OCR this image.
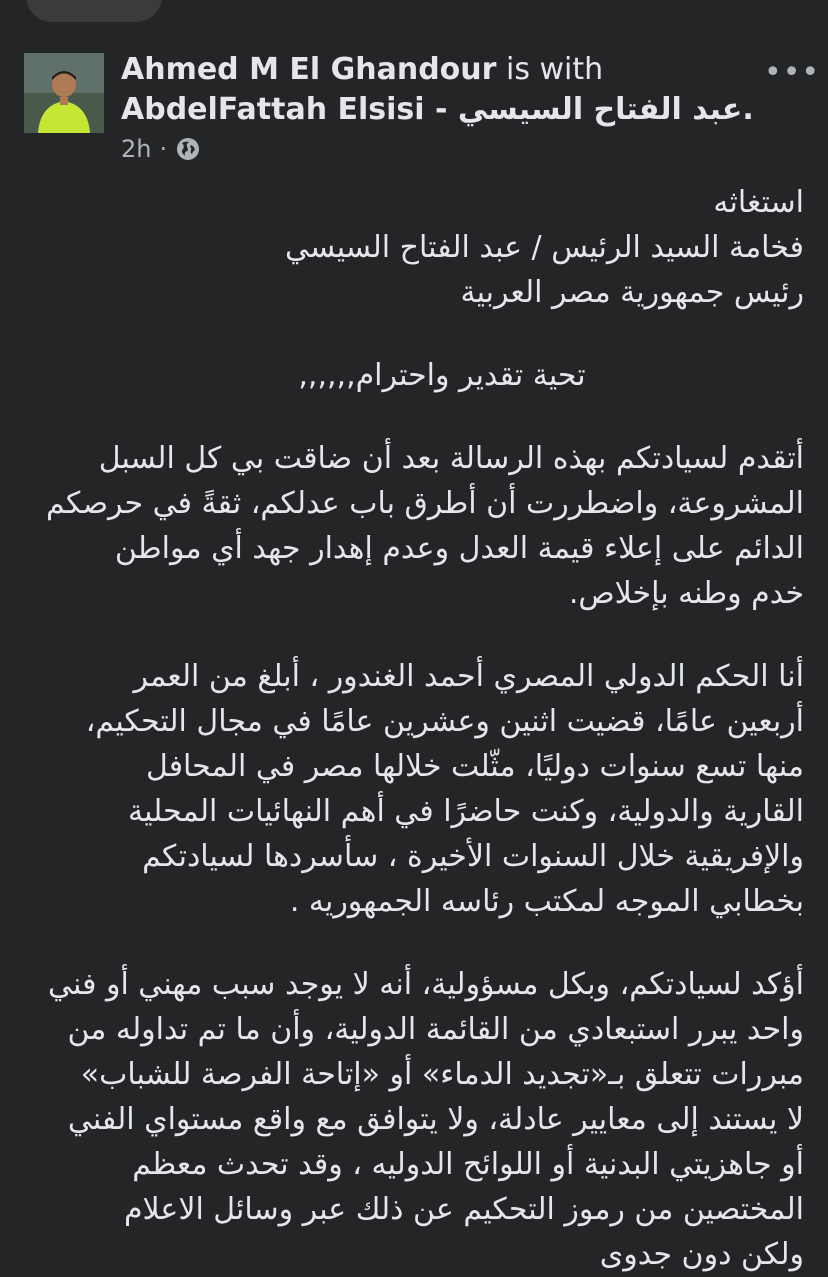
Ahmed M El Ghandour is with
AbdelFattah Elsisi - عبد الفتاح السيسي.
•••
2h ·
استغاثه
فخامة السيد الرئيس / عبد الفتاح السيسي
رئيس جمهورية مصر العربية
تحية تقدير واحترام,,,,,,
أتقدم لسيادتكم بهذه الرسالة بعد أن ضاقت بي كل السبل
المشروعة، واضطررت أن أطرق باب عدلكم، ثقةً في حرصكم
الدائم على إعلاء قيمة العدل وعدم إهدار جهد أي مواطن
خدم وطنه بإخلاص.
أنا الحكم الدولي المصري أحمد الغندور ، أبلغ من العمر
أربعين عامًا، قضيت اثنين وعشرين عامًا في مجال التحكيم،
منها تسع سنوات دوليًا، مثّلت خلالها مصر في المحافل
القارية والدولية، وكنت حاضرًا في أهم النهائيات المحلية
والإفريقية خلال السنوات الأخيرة ، سأسردها لسيادتكم
بخطابي الموجه لمكتب رئاسه الجمهوريه .
أؤكد لسيادتكم، وبكل مسؤولية، أنه لا يوجد سبب مهني أو فني
واحد يبرر استبعادي من القائمة الدولية، وأن ما تم تداوله من
مبررات تتعلق بـ«تجديد الدماء» أو «إتاحة الفرصة للشباب»
لا يستند إلى معايير عادلة، ولا يتوافق مع واقع مستواي الفني
أو جاهزيتي البدنية أو اللوائح الدوليه ، وقد تحدث معظم
المختصين من رموز التحكيم عن ذلك عبر وسائل الاعلام
ولكن دون جدوى
